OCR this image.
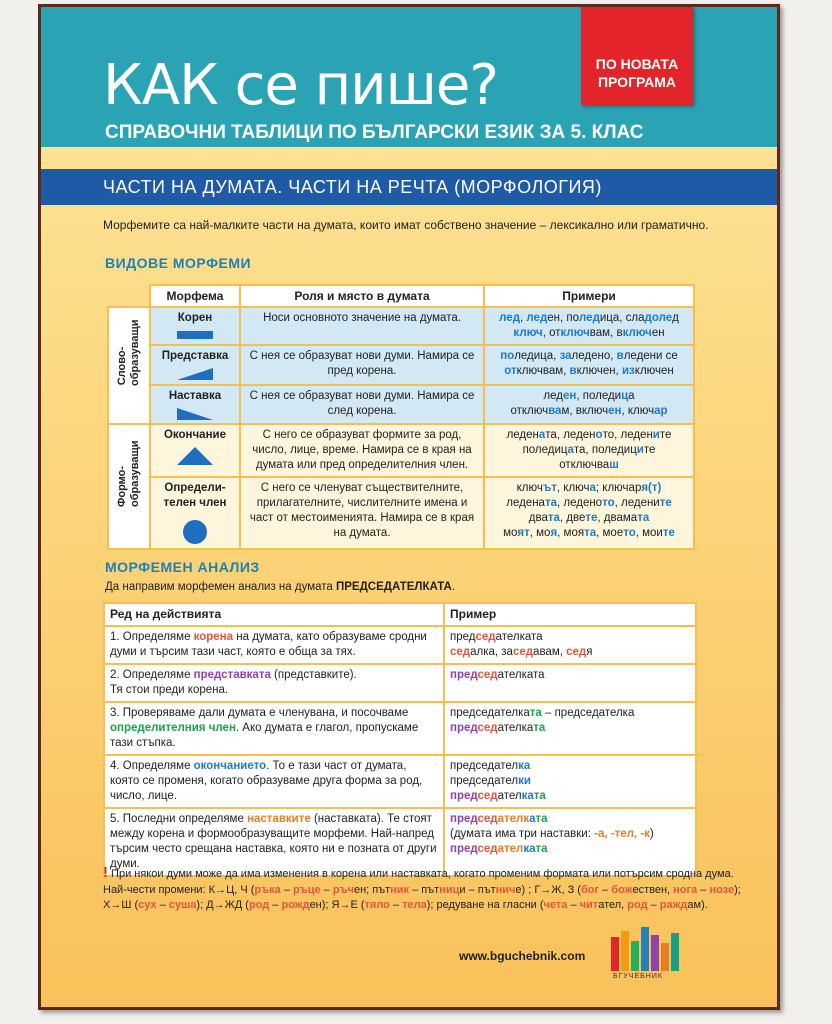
КАК се пише?
СПРАВОЧНИ ТАБЛИЦИ ПО БЪЛГАРСКИ ЕЗИК ЗА 5. КЛАС
ПО НОВАТА
ПРОГРАМА
ЧАСТИ НА ДУМАТА. ЧАСТИ НА РЕЧТА (МОРФОЛОГИЯ)
Морфемите са най-малките части на думата, които имат собствено значение – лексикално или граматично.
ВИДОВЕ МОРФЕМИ
	Морфема	Роля и място в думата	Примери

Слово-
образуващи	Корен	Носи основното значение на думата.	лед, леден, поледица, сладолед
ключ, отключвам, включен
	Представка	С нея се образуват нови думи. Намира се пред корена.	поледица, заледено, вледени се
отключвам, включен, изключен
	Наставка	С нея се образуват нови думи. Намира се след корена.	леден, поледица
отключвам, включен, ключар

Формо-
образуващи	Окончание	С него се образуват формите за род, число, лице, време. Намира се в края на думата или пред определителния член.	ледената, леденото, ледените
поледицата, поледиците
отключваш
	Определи-
телен член	С него се членуват съществителните, прилагателните, числителните имена и част от местоименията. Намира се в края на думата.	ключът, ключа; ключаря(т)
ледената, леденото, ледените
двата, двете, двамата
моят, моя, моята, моето, моите
МОРФЕМЕН АНАЛИЗ
Да направим морфемен анализ на думата ПРЕДСЕДАТЕЛКАТА.
Ред на действията	Пример
1. Определяме корена на думата, като образуваме сродни думи и търсим тази част, която е обща за тях.	председателката
седалка, заседавам, седя
2. Определяме представката (представките).
Тя стои преди корена.	председателката
3. Проверяваме дали думата е членувана, и посочваме определителния член. Ако думата е глагол, пропускаме тази стъпка.	председателката – председателка
председателката
4. Определяме окончанието. То е тази част от думата, която се променя, когато образуваме друга форма за род, число, лице.	председателка
председателки
председателката
5. Последни определяме наставките (наставката). Те стоят между корена и формообразуващите морфеми. Най-напред търсим често срещана наставка, която ни е позната от други думи.	председателката
(думата има три наставки: -а, -тел, -к)
председателката
! При някои думи може да има изменения в корена или наставката, когато променим формата или потърсим сродна дума. Най-чести промени: К→Ц, Ч (ръка – ръце – ръчен; пътник – пътници – пътниче) ; Г→Ж, З (бог – божествен, нога – нозе); Х→Ш (сух – суша); Д→ЖД (род – рожден); Я→Е (тяло – тела); редуване на гласни (чета – читател, род – раждам).
www.bguchebnik.com
БГУЧЕБНИК
